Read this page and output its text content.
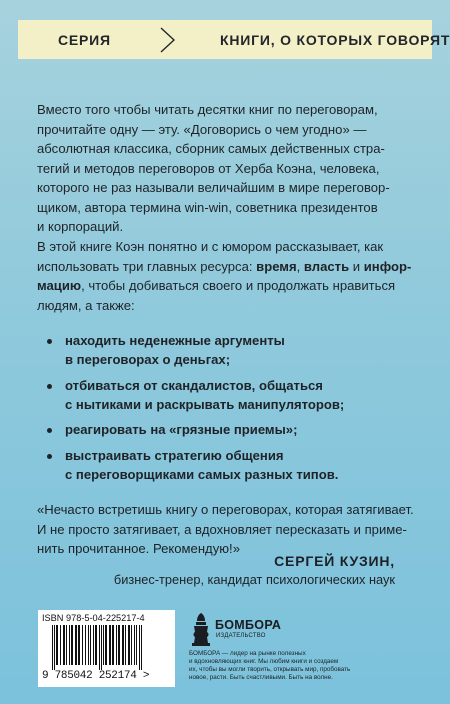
СЕРИЯ	КНИГИ, О КОТОРЫХ ГОВОРЯТ
Вместо того чтобы читать десятки книг по переговорам,
прочитайте одну — эту. «Договорись о чем угодно» —
абсолютная классика, сборник самых действенных стра-
тегий и методов переговоров от Херба Коэна, человека,
которого не раз называли величайшим в мире переговор-
щиком, автора термина win-win, советника президентов
и корпораций.
В этой книге Коэн понятно и с юмором рассказывает, как
использовать три главных ресурса: время, власть и инфор-
мацию, чтобы добиваться своего и продолжать нравиться
людям, а также:
находить неденежные аргументы
в переговорах о деньгах;
отбиваться от скандалистов, общаться
с нытиками и раскрывать манипуляторов;
реагировать на «грязные приемы»;
выстраивать стратегию общения
с переговорщиками самых разных типов.
«Нечасто встретишь книгу о переговорах, которая затягивает.
И не просто затягивает, а вдохновляет пересказать и приме-
нить прочитанное. Рекомендую!»
СЕРГЕЙ КУЗИН,
бизнес-тренер, кандидат психологических наук
ISBN 978-5-04-225217-4
9 785042 252174 >
БОМБОРА
ИЗДАТЕЛЬСТВО
БОМБОРА — лидер на рынке полезных
и вдохновляющих книг. Мы любим книги и создаем
их, чтобы вы могли творить, открывать мир, пробовать
новое, расти. Быть счастливыми. Быть на волне.
